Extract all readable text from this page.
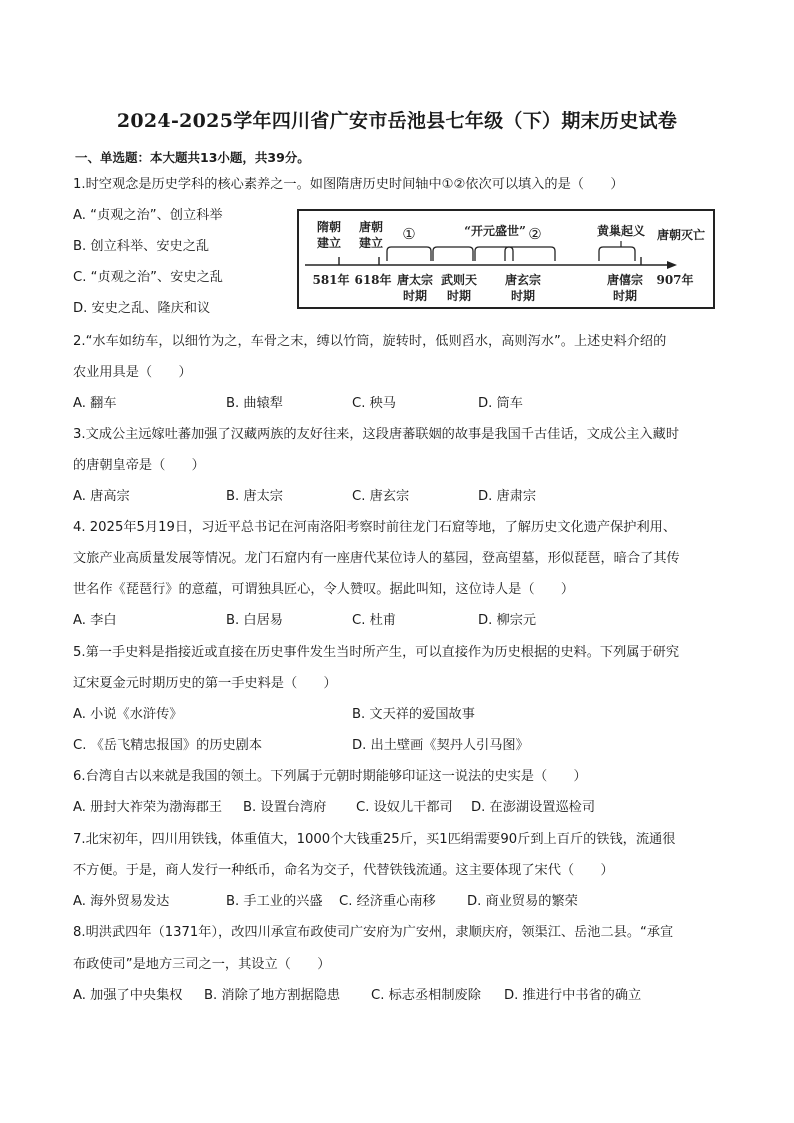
2024-2025学年四川省广安市岳池县七年级（下）期末历史试卷
一、单选题：本大题共13小题，共39分。
1.时空观念是历史学科的核心素养之一。如图隋唐历史时间轴中①②依次可以填入的是（　　）
A. “贞观之治”、创立科举
B. 创立科举、安史之乱
C. “贞观之治”、安史之乱
D. 安史之乱、隆庆和议
隋朝
建立
唐朝
建立 ①	“开元盛世” ②	黄巢起义 唐朝灭亡
581年 618年 唐太宗
时期
武则天
时期
唐玄宗
时期
唐僖宗
时期
907年
2.“水车如纺车，以细竹为之，车骨之末，缚以竹筒，旋转时，低则舀水，高则泻水”。上述史料介绍的
农业用具是（　　）
A. 翻车	B. 曲辕犁	C. 秧马	D. 筒车
3.文成公主远嫁吐蕃加强了汉藏两族的友好往来，这段唐蕃联姻的故事是我国千古佳话，文成公主入藏时
的唐朝皇帝是（　　）
A. 唐高宗	B. 唐太宗	C. 唐玄宗	D. 唐肃宗
4. 2025年5月19日，习近平总书记在河南洛阳考察时前往龙门石窟等地，了解历史文化遗产保护利用、
文旅产业高质量发展等情况。龙门石窟内有一座唐代某位诗人的墓园，登高望墓，形似琵琶，暗合了其传
世名作《琵琶行》的意蕴，可谓独具匠心，令人赞叹。据此叫知，这位诗人是（　　）
A. 李白	B. 白居易	C. 杜甫	D. 柳宗元
5.第一手史料是指接近或直接在历史事件发生当时所产生，可以直接作为历史根据的史料。下列属于研究
辽宋夏金元时期历史的第一手史料是（　　）
A. 小说《水浒传》	B. 文天祥的爱国故事
C. 《岳飞精忠报国》的历史剧本	D. 出土壁画《契丹人引马图》
6.台湾自古以来就是我国的领土。下列属于元朝时期能够印证这一说法的史实是（　　）
A. 册封大祚荣为渤海郡王 B. 设置台湾府 C. 设奴儿干都司 D. 在澎湖设置巡检司
7.北宋初年，四川用铁钱，体重值大，1000个大钱重25斤，买1匹绢需要90斤到上百斤的铁钱，流通很
不方便。于是，商人发行一种纸币，命名为交子，代替铁钱流通。这主要体现了宋代（　　）
A. 海外贸易发达	B. 手工业的兴盛 C. 经济重心南移 D. 商业贸易的繁荣
8.明洪武四年（1371年），改四川承宣布政使司广安府为广安州，隶顺庆府，领渠江、岳池二县。“承宣
布政使司”是地方三司之一，其设立（　　）
A. 加强了中央集权 B. 消除了地方割据隐患 C. 标志丞相制废除 D. 推进行中书省的确立
